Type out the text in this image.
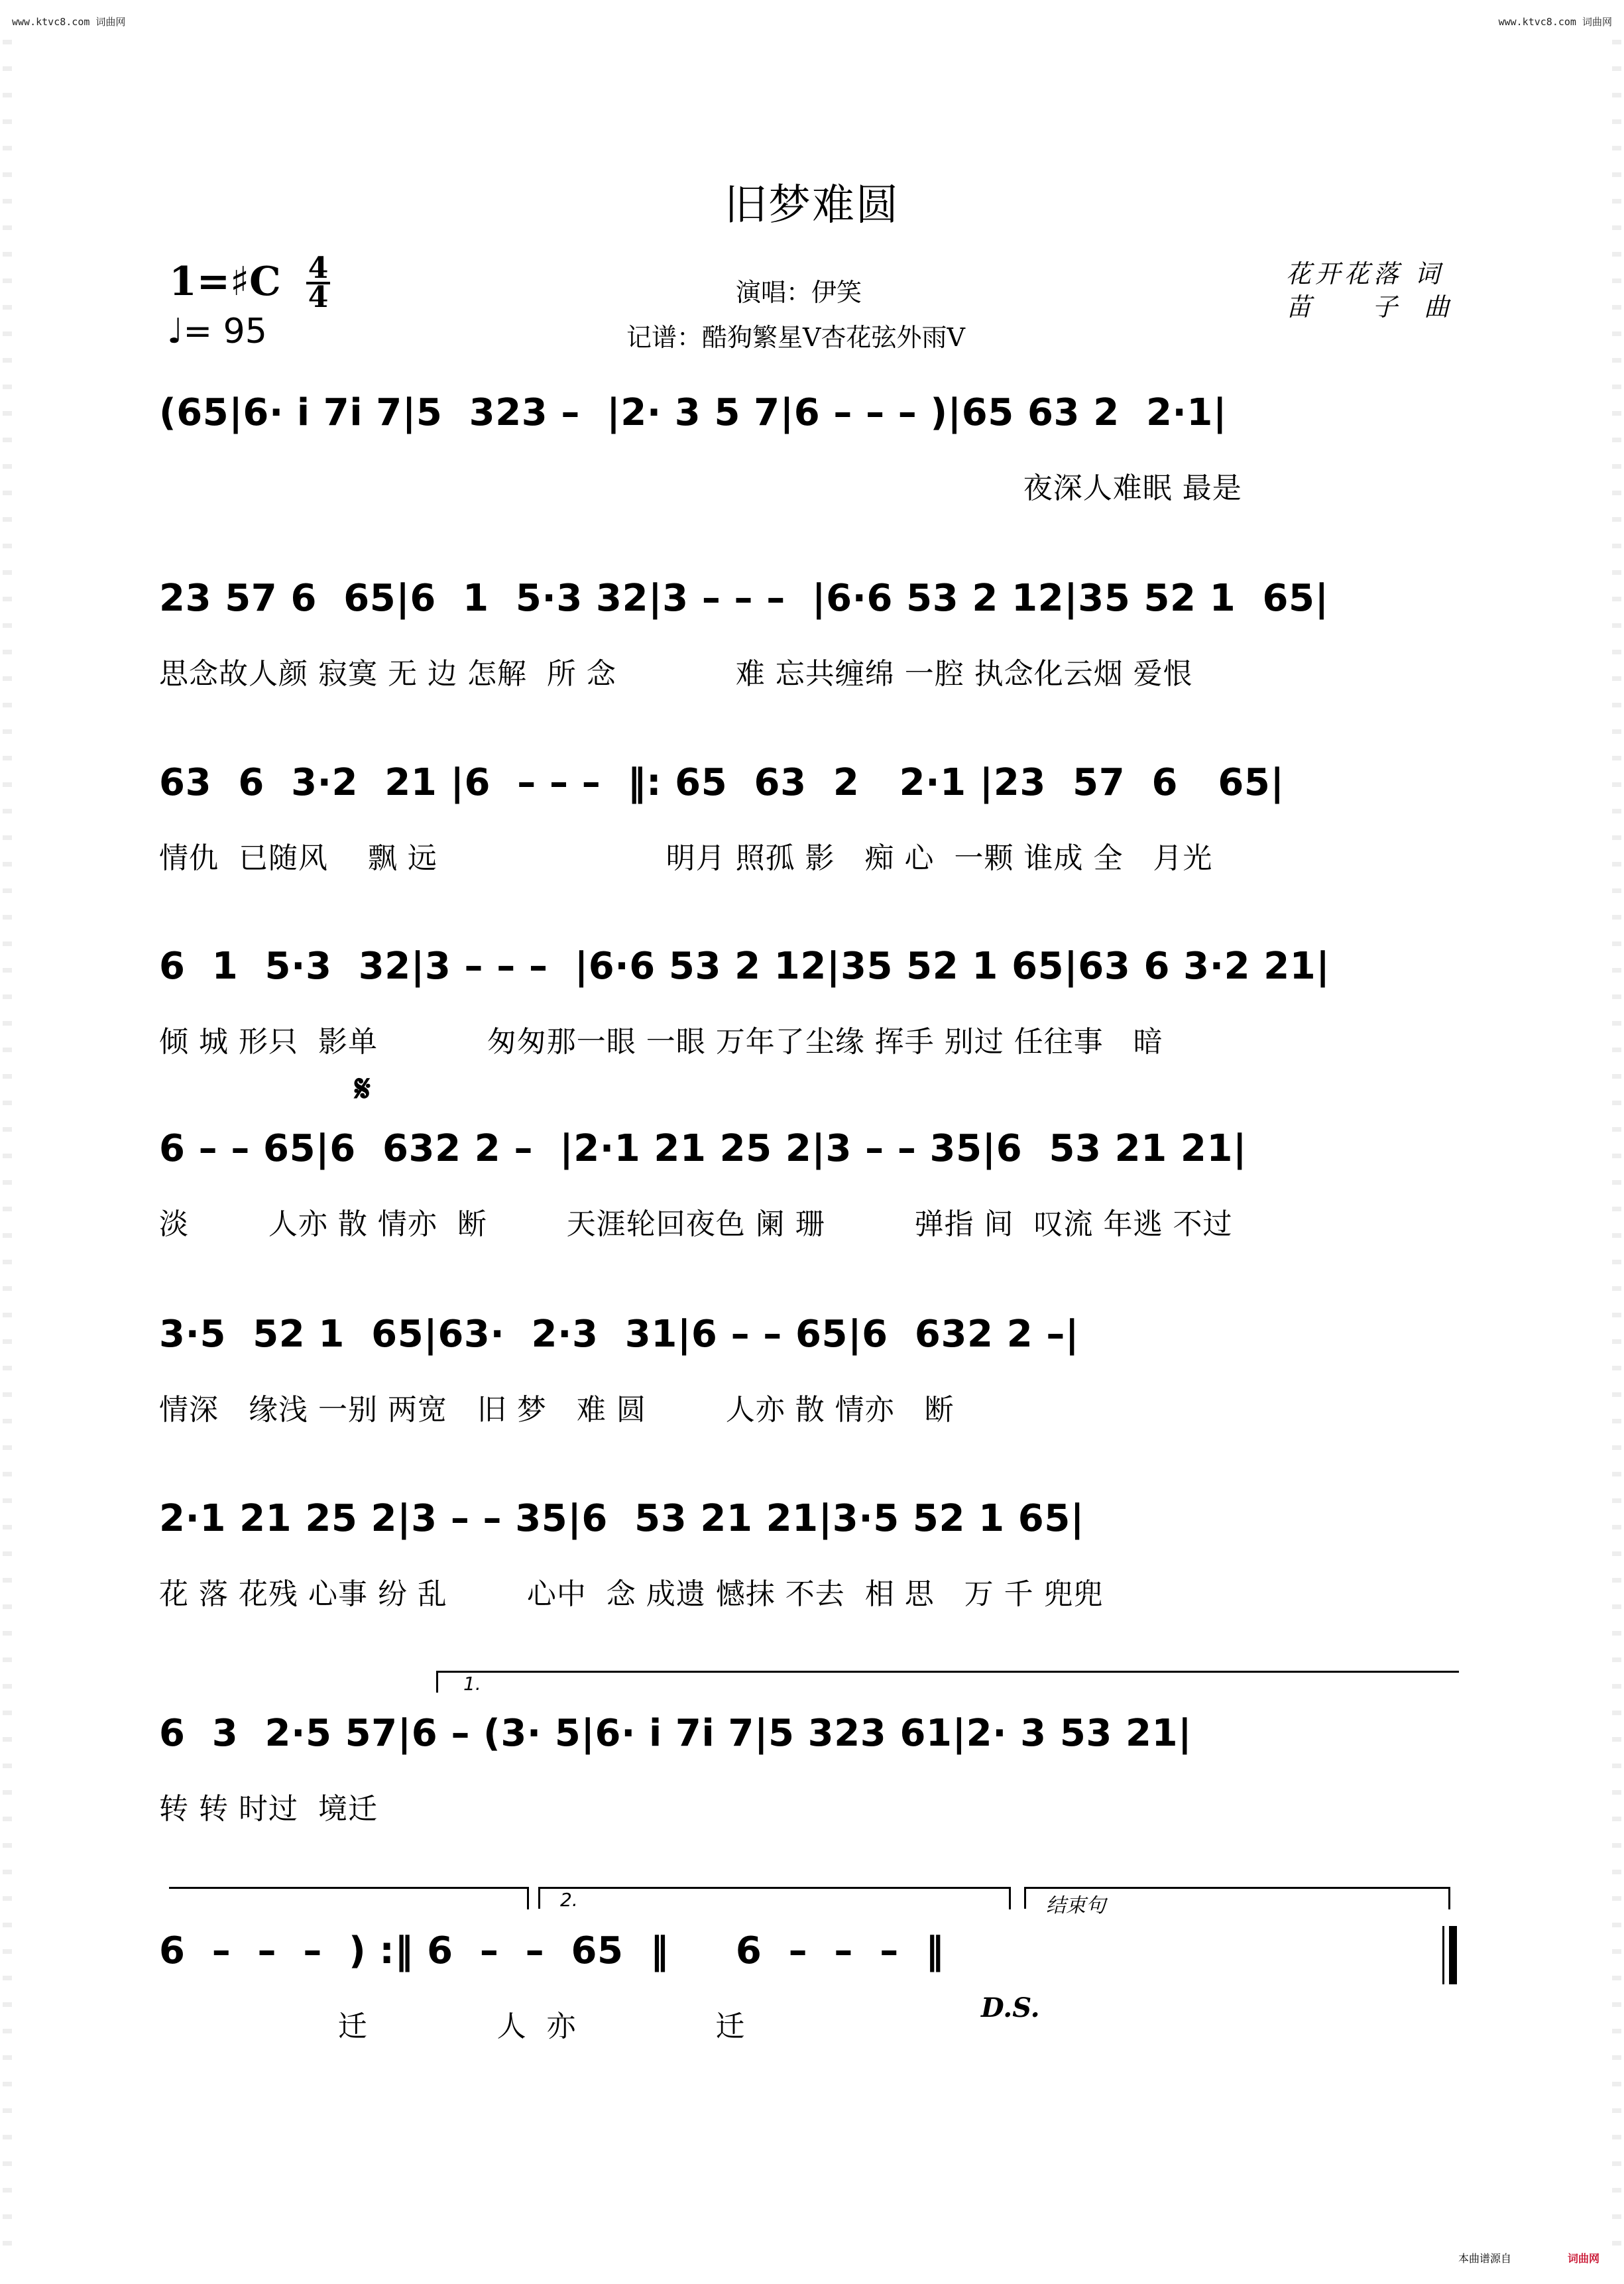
www.ktvc8.com 词曲网	www.ktvc8.com 词曲网
旧梦难圆
演唱：伊笑
记谱：酷狗繁星V杏花弦外雨V
花开花落 词
苗 子曲
1=♯C 4
4
♩= 95
(65|6· i 7i 7|5  323 –  |2· 3 5 7|6 – – – )|65 63 2  2·1|
夜深人难眠 最是
23 57 6  65|6  1  5·3 32|3 – – –  |6·6 53 2 12|35 52 1  65|
思念故人颜 寂寞 无 边 怎解  所 念            难 忘共缠绵 一腔 执念化云烟 爱恨
63  6  3·2  21 |6  – – –  ‖: 65  63  2   2·1 |23  57  6   65|
情仇  已随风    飘 远                       明月 照孤 影   痴 心  一颗 谁成 全   月光
6  1  5·3  32|3 – – –  |6·6 53 2 12|35 52 1 65|63 6 3·2 21|
倾 城 形只  影单           匆匆那一眼 一眼 万年了尘缘 挥手 别过 任往事   暗
𝄋
6 – – 65|6  632 2 –  |2·1 21 25 2|3 – – 35|6  53 21 21|
淡        人亦 散 情亦  断        天涯轮回夜色 阑 珊         弹指 间  叹流 年逃 不过
3·5  52 1  65|63·  2·3  31|6 – – 65|6  632 2 –|
情深   缘浅 一别 两宽   旧 梦   难 圆        人亦 散 情亦   断
2·1 21 25 2|3 – – 35|6  53 21 21|3·5 52 1 65|
花 落 花残 心事 纷 乱        心中  念 成遗 憾抹 不去  相 思   万 千 兜兜
1.
6  3  2·5 57|6 – (3· 5|6· i 7i 7|5 323 61|2· 3 53 21|
转 转 时过  境迁
2.	结束句
6  –  –  –  ) :‖ 6  –  –  65  ‖     6  –  –  –  ‖
迁             人  亦              迁
D.S.
本曲谱源自	词曲网
